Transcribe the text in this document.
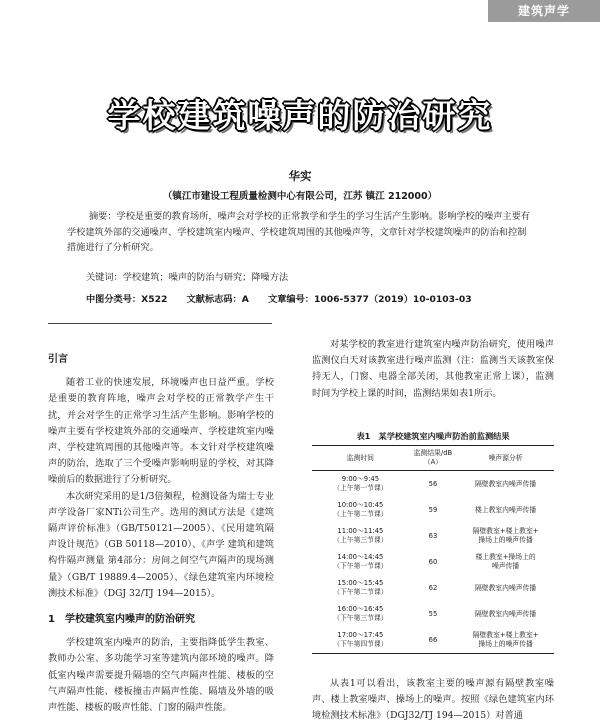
建筑声学
学校建筑噪声的防治研究
华实
（镇江市建设工程质量检测中心有限公司，江苏 镇江 212000）

摘要：学校是重要的教育场所，噪声会对学校的正常教学和学生的学习生活产生影响。影响学校的噪声主要有学校建筑外部的交通噪声、学校建筑室内噪声、学校建筑周围的其他噪声等，文章针对学校建筑噪声的防治和控制措施进行了分析研究。

关键词：学校建筑；噪声的防治与研究；降噪方法
中图分类号：X522 文献标志码：A 文章编号：1006-5377（2019）10-0103-03
引言

随着工业的快速发展，环境噪声也日益严重。学校是重要的教育阵地，噪声会对学校的正常教学产生干扰，并会对学生的正常学习生活产生影响。影响学校的噪声主要有学校建筑外部的交通噪声、学校建筑室内噪声、学校建筑周围的其他噪声等。本文针对学校建筑噪声的防治，选取了三个受噪声影响明显的学校，对其降噪前后的数据进行了分析研究。

本次研究采用的是1/3倍频程，检测设备为瑞士专业声学设备厂家NTi公司生产。选用的测试方法是《建筑隔声评价标准》（GB/T50121—2005）、《民用建筑隔声设计规范》（GB 50118—2010）、《声学 建筑和建筑构件隔声测量 第4部分：房间之间空气声隔声的现场测量》（GB/T 19889.4—2005）、《绿色建筑室内环境检测技术标准》（DGJ 32/TJ 194—2015）。

1　学校建筑室内噪声的防治研究

学校建筑室内噪声的防治，主要指降低学生教室、教师办公室、多功能学习室等建筑内部环境的噪声。降低室内噪声需要提升隔墙的空气声隔声性能、楼板的空气声隔声性能、楼板撞击声隔声性能、隔墙及外墙的吸声性能、楼板的吸声性能、门窗的隔声性能。

对某学校的教室进行建筑室内噪声防治研究，使用噪声监测仪白天对该教室进行噪声监测（注：监测当天该教室保持无人，门窗、电器全部关闭，其他教室正常上课），监测时间为学校上课的时间，监测结果如表1所示。

表1　某学校建筑室内噪声防治前监测结果
监测时间	监测结果/dB（A）	噪声源分析
9:00～9:45
（上午第一节课）	56	隔壁教室内噪声传播

10:00～10:45
（上午第二节课）	59	楼上教室内噪声传播

11:00～11:45
（上午第三节课）	63	隔壁教室+楼上教室+
操场上的噪声传播
14:00～14:45
（下午第一节课）	60	楼上教室+操场上的
噪声传播
15:00～15:45
（下午第二节课）	62	隔壁教室内噪声传播

16:00～16:45
（下午第三节课）	55	隔壁教室内噪声传播

17:00～17:45
（下午第四节课）	66	隔壁教室+楼上教室+
操场上的噪声传播

从表1可以看出，该教室主要的噪声源有隔壁教室噪声、楼上教室噪声、操场上的噪声。按照《绿色建筑室内环境检测技术标准》（DGJ32/TJ 194—2015）对普通
